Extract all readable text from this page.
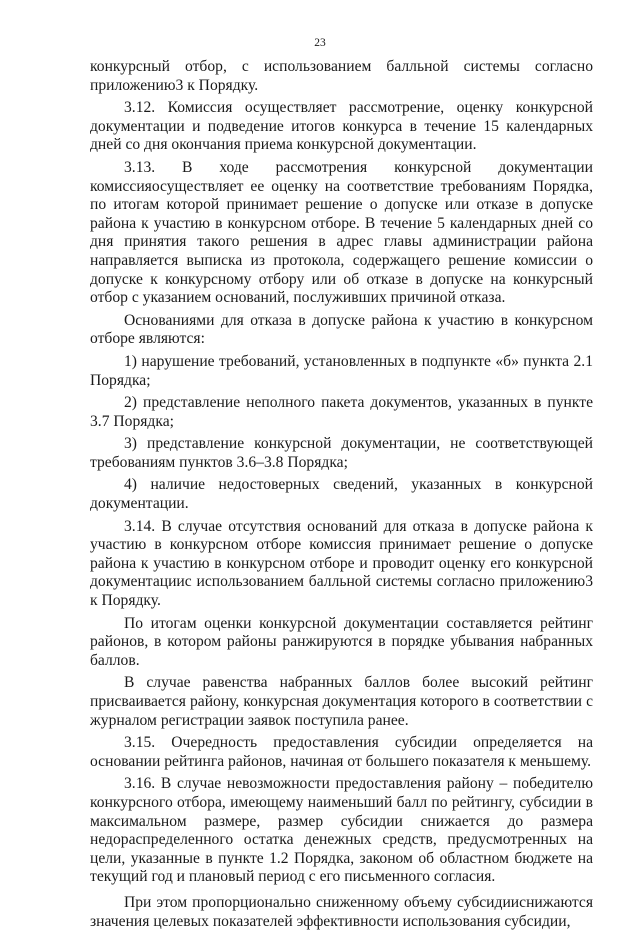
23

конкурсный отбор, с использованием балльной системы согласно приложению3 к Порядку.

3.12. Комиссия осуществляет рассмотрение, оценку конкурсной документации и подведение итогов конкурса в течение 15 календарных дней со дня окончания приема конкурсной документации.

3.13. В ходе рассмотрения конкурсной документации комиссияосуществляет ее оценку на соответствие требованиям Порядка, по итогам которой принимает решение о допуске или отказе в допуске района к участию в конкурсном отборе. В течение 5 календарных дней со дня принятия такого решения в адрес главы администрации района направляется выписка из протокола, содержащего решение комиссии о допуске к конкурсному отбору или об отказе в допуске на конкурсный отбор с указанием оснований, послуживших причиной отказа.

Основаниями для отказа в допуске района к участию в конкурсном отборе являются:

1) нарушение требований, установленных в подпункте «б» пункта 2.1 Порядка;

2) представление неполного пакета документов, указанных в пункте 3.7 Порядка;

3) представление конкурсной документации, не соответствующей требованиям пунктов 3.6–3.8 Порядка;

4) наличие недостоверных сведений, указанных в конкурсной документации.

3.14. В случае отсутствия оснований для отказа в допуске района к участию в конкурсном отборе комиссия принимает решение о допуске района к участию в конкурсном отборе и проводит оценку его конкурсной документациис использованием балльной системы согласно приложению3 к Порядку.

По итогам оценки конкурсной документации составляется рейтинг районов, в котором районы ранжируются в порядке убывания набранных баллов.

В случае равенства набранных баллов более высокий рейтинг присваивается району, конкурсная документация которого в соответствии с журналом регистрации заявок поступила ранее.

3.15. Очередность предоставления субсидии определяется на основании рейтинга районов, начиная от большего показателя к меньшему.

3.16. В случае невозможности предоставления району – победителю конкурсного отбора, имеющему наименьший балл по рейтингу, субсидии в максимальном размере, размер субсидии снижается до размера недораспределенного остатка денежных средств, предусмотренных на цели, указанные в пункте 1.2 Порядка, законом об областном бюджете на текущий год и плановый период с его письменного согласия.

При этом пропорционально сниженному объему субсидииснижаются значения целевых показателей эффективности использования субсидии,
